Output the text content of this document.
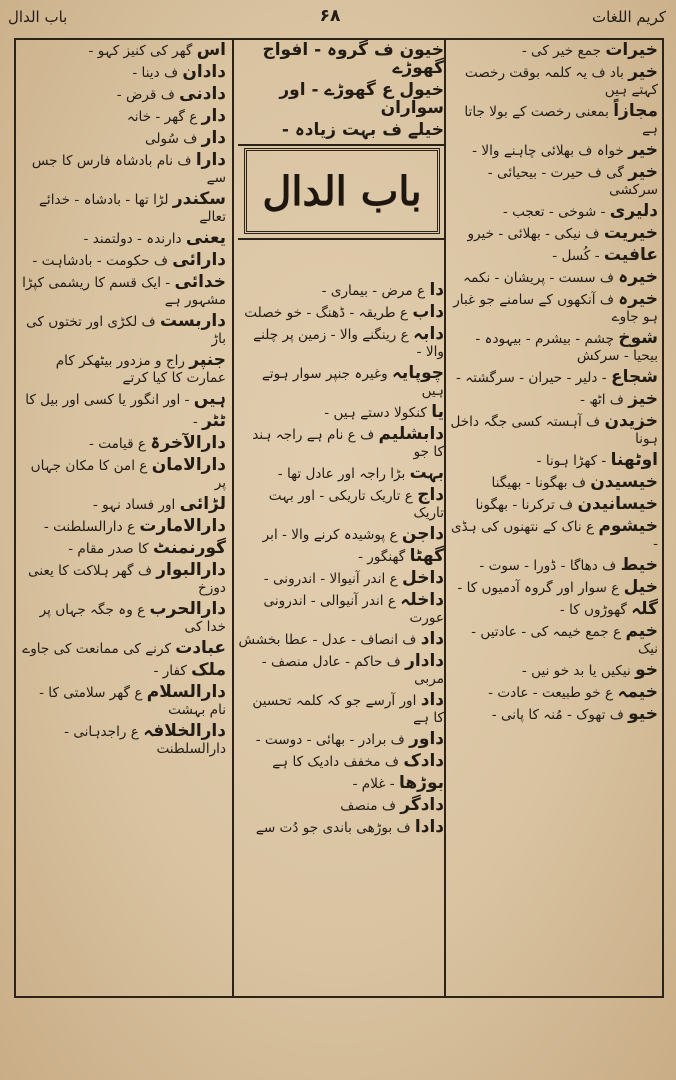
کریم اللغات
۶۸
باب الدال

خیون ف گروہ - افواج گھوڑے

خیول ع گھوڑے - اور سواران

خیلے ف بہت زیادہ -

باب الدال

خیرات جمع خیر کی -

خیر باد ف یہ کلمہ بوقت رخصت کہتے ہیں

مجازاً بمعنی رخصت کے بولا جاتا ہے

خیر خواہ ف بھلائی چاہنے والا -

خیر گی ف حیرت - بیحیائی - سرکشی

دلیری - شوخی - تعجب -

خیریت ف نیکی - بھلائی - خیرو

عافیت - کُسل -

خیرہ ف سست - پریشان - نکمہ

خیرہ ف آنکھوں کے سامنے جو غبار ہو جاوے

شوخ چشم - بیشرم - بیہودہ - بیحیا - سرکش

شجاع - دلیر - حیران - سرگشتہ -

خیز ف اٹھ -

خزیدن ف آہستہ کسی جگہ داخل ہونا

اوٹھنا - کھڑا ہونا -

خیسیدن ف بھگونا - بھیگنا

خیسانیدن ف ترکرنا - بھگونا

خیشوم ع ناک کے نتھنوں کی ہڈی -

خیط ف دھاگا - ڈورا - سوت -

خیل ع سوار اور گروہ آدمیوں کا -

گلہ گھوڑوں کا -

خیم ع جمع خیمہ کی - عادتیں - نیک

خو نیکیں یا بد خو نیں -

خیمہ ع خو طبیعت - عادت -

خیو ف تھوک - مُنہ کا پانی -

دا ع مرض - بیماری -

داب ع طریقہ - ڈھنگ - خو خصلت

دابہ ع رینگنے والا - زمین پر چلنے والا -

چوپایہ وغیرہ جنپر سوار ہوتے ہیں

یا کنکولا دستے ہیں -

دابشلیم ف ع نام ہے راجہ ہند کا جو

بہت بڑا راجہ اور عادل تھا -

داج ع تاریک تاریکی - اور بہت تاریک

داجن ع پوشیدہ کرنے والا - ابر

گھٹا گھنگور -

داخل ع اندر آنیوالا - اندرونی -

داخلہ ع اندر آنیوالی - اندرونی عورت

داد ف انصاف - عدل - عطا بخشش

دادار ف حاکم - عادل منصف - مربی

داد اور آرسے جو کہ کلمہ تحسین کا ہے

داور ف برادر - بھائی - دوست -

دادک ف مخفف دادیک کا ہے

بوڑھا - غلام -

دادگر ف منصف

دادا ف بوڑھی باندی جو دُت سے

اس گھر کی کنیز کہو -

دادان ف دینا -

دادنی ف قرض -

دار ع گھر - خانہ

دار ف سُولی

دارا ف نام بادشاہ فارس کا جس سے

سکندر لڑا تھا - بادشاہ - خدائے تعالے

یعنی دارندہ - دولتمند -

دارائی ف حکومت - بادشاہت -

خدائی - ایک قسم کا ریشمی کپڑا مشہور ہے

داربست ف لکڑی اور تختوں کی باڑ

جنپر راج و مزدور بیٹھکر کام عمارت کا کیا کرتے

ہیں - اور انگور یا کسی اور بیل کا

ٹٹر -

دارالآخرۃ ع قیامت -

دارالامان ع امن کا مکان جہاں پر

لڑائی اور فساد نہو -

دارالامارت ع دارالسلطنت -

گورنمنٹ کا صدر مقام -

دارالبوار ف گھر ہلاکت کا یعنی دوزخ

دارالحرب ع وہ جگہ جہاں پر خدا کی

عبادت کرنے کی ممانعت کی جاوے

ملک کفار -

دارالسلام ع گھر سلامتی کا - نام بہشت

دارالخلافہ ع راجدہانی - دارالسلطنت
